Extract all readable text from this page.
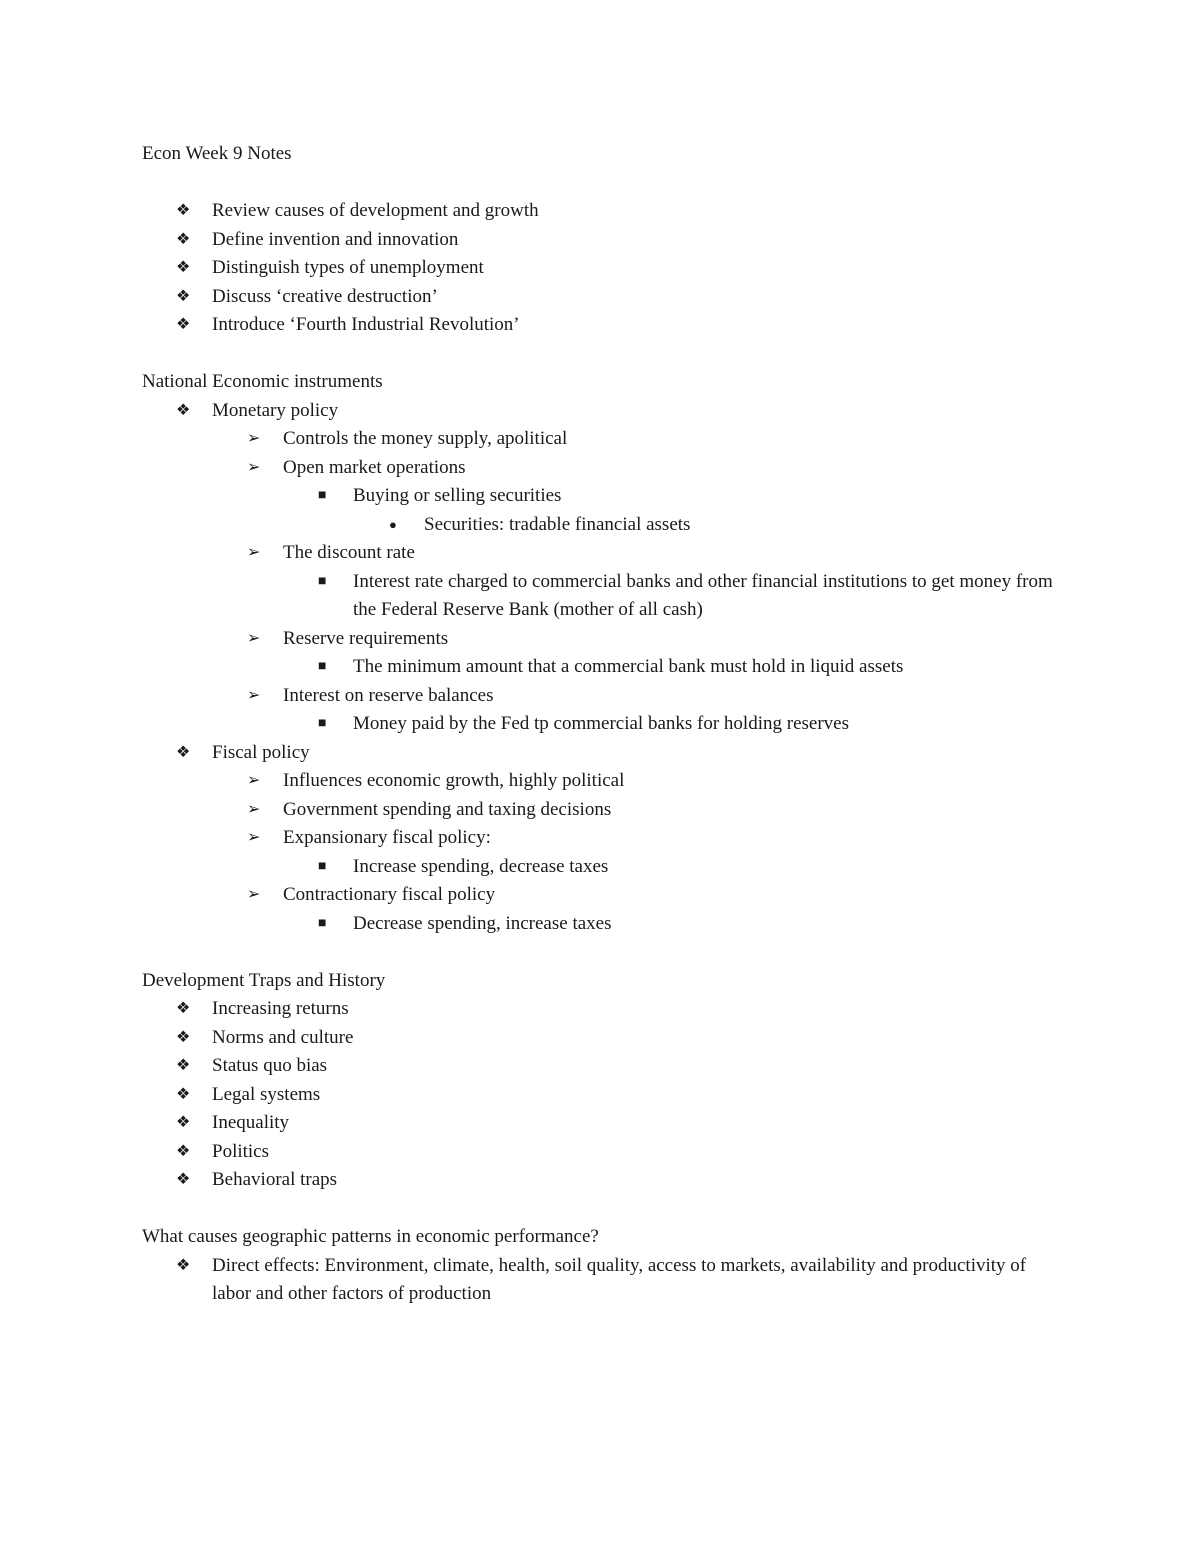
Econ Week 9 Notes

❖ Review causes of development and growth
❖ Define invention and innovation
❖ Distinguish types of unemployment
❖ Discuss ‘creative destruction’
❖ Introduce ‘Fourth Industrial Revolution’

National Economic instruments

❖ Monetary policy
➢ Controls the money supply, apolitical
➢ Open market operations
■ Buying or selling securities
● Securities: tradable financial assets
➢ The discount rate
■ Interest rate charged to commercial banks and other financial institutions to get money from the Federal Reserve Bank (mother of all cash)
➢ Reserve requirements
■ The minimum amount that a commercial bank must hold in liquid assets
➢ Interest on reserve balances
■ Money paid by the Fed tp commercial banks for holding reserves
❖ Fiscal policy
➢ Influences economic growth, highly political
➢ Government spending and taxing decisions
➢ Expansionary fiscal policy:
■ Increase spending, decrease taxes
➢ Contractionary fiscal policy
■ Decrease spending, increase taxes

Development Traps and History

❖ Increasing returns
❖ Norms and culture
❖ Status quo bias
❖ Legal systems
❖ Inequality
❖ Politics
❖ Behavioral traps

What causes geographic patterns in economic performance?

❖ Direct effects: Environment, climate, health, soil quality, access to markets, availability and productivity of labor and other factors of production
